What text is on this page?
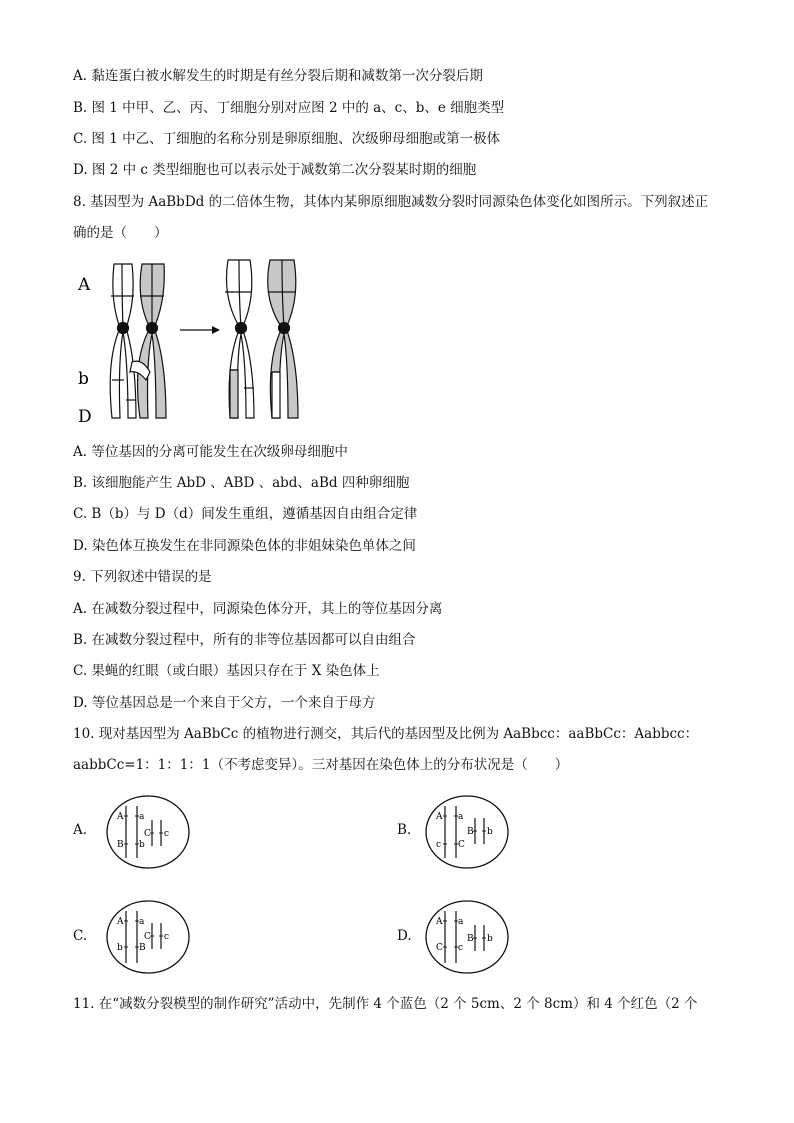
A. 黏连蛋白被水解发生的时期是有丝分裂后期和减数第一次分裂后期
B. 图 1 中甲、乙、丙、丁细胞分别对应图 2 中的 a、c、b、e 细胞类型
C. 图 1 中乙、丁细胞的名称分别是卵原细胞、次级卵母细胞或第一极体
D. 图 2 中 c 类型细胞也可以表示处于减数第二次分裂某时期的细胞
8. 基因型为 AaBbDd 的二倍体生物，其体内某卵原细胞减数分裂时同源染色体变化如图所示。下列叙述正
确的是（　　）
A
b
D
A. 等位基因的分离可能发生在次级卵母细胞中
B. 该细胞能产生 AbD 、ABD 、abd、aBd 四种卵细胞
C. B（b）与 D（d）间发生重组，遵循基因自由组合定律
D. 染色体互换发生在非同源染色体的非姐妹染色单体之间
9. 下列叙述中错误的是
A. 在减数分裂过程中，同源染色体分开，其上的等位基因分离
B. 在减数分裂过程中，所有的非等位基因都可以自由组合
C. 果蝇的红眼（或白眼）基因只存在于 X 染色体上
D. 等位基因总是一个来自于父方，一个来自于母方
10. 现对基因型为 AaBbCc 的植物进行测交，其后代的基因型及比例为 AaBbcc：aaBbCc：Aabbcc：
aabbCc=1：1：1：1（不考虑变异）。三对基因在染色体上的分布状况是（　　）
A.	B.
C.	D.
A
B
a
b
C c
A
c
a
C
B b
A
b
a
B
C c
A
C
a
c
B b
11. 在“减数分裂模型的制作研究”活动中，先制作 4 个蓝色（2 个 5cm、2 个 8cm）和 4 个红色（2 个
